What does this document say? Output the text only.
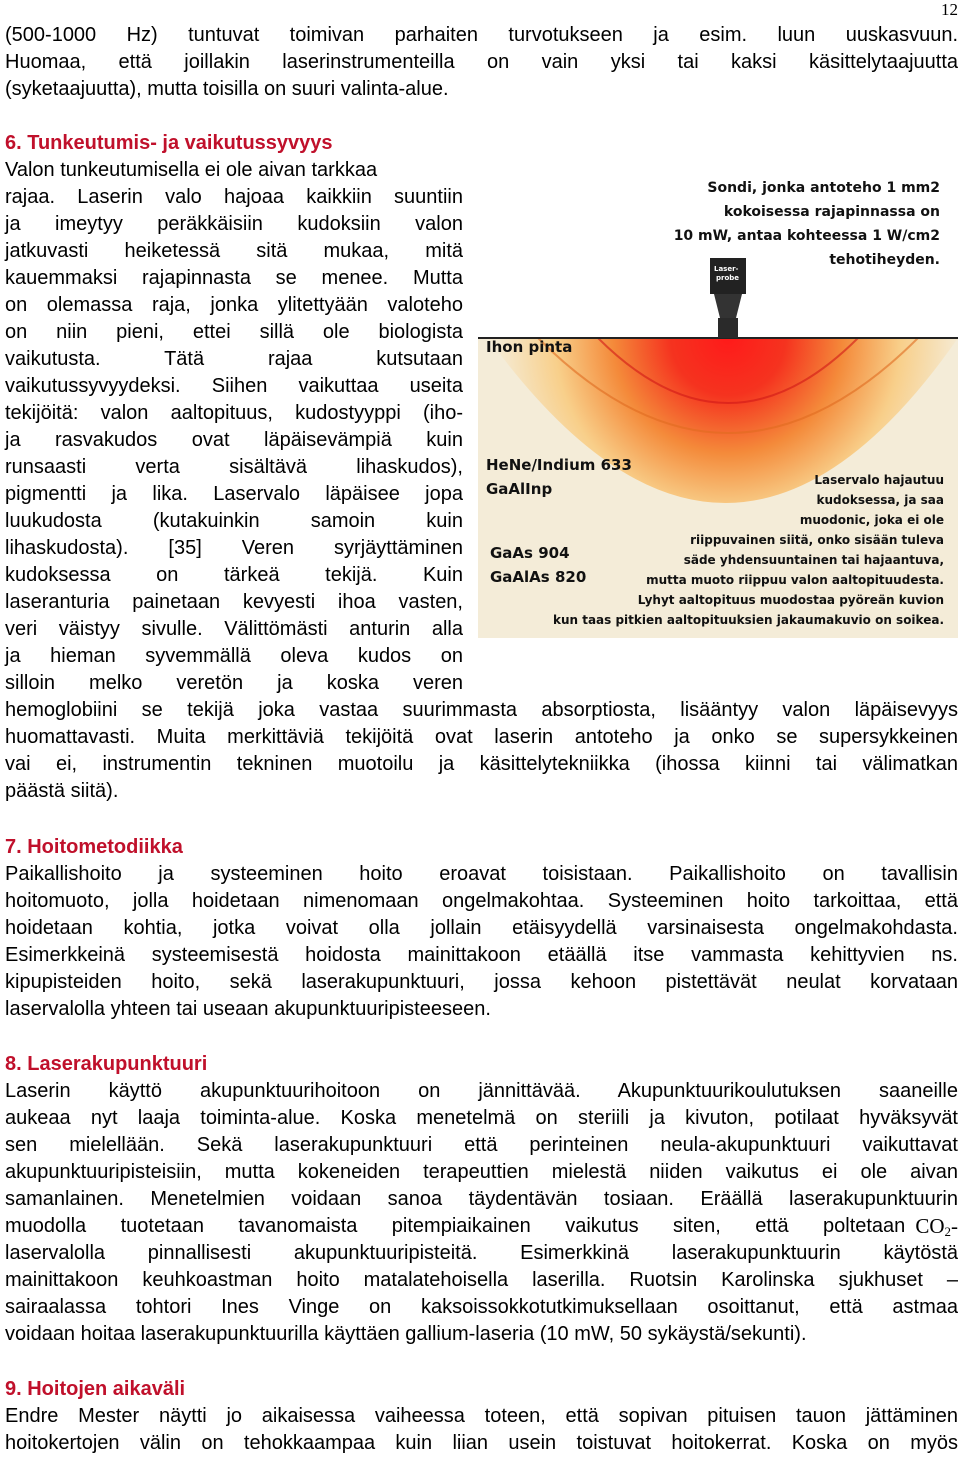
12
(500-1000 Hz) tuntuvat toimivan parhaiten turvotukseen ja esim. luun uuskasvuun.
Huomaa, että joillakin laserinstrumenteilla on vain yksi tai kaksi käsittelytaajuutta
(syketaajuutta), mutta toisilla on suuri valinta-alue.
6. Tunkeutumis- ja vaikutussyvyys
Valon tunkeutumisella ei ole aivan tarkkaa
rajaa. Laserin valo hajoaa kaikkiin suuntiin
ja imeytyy peräkkäisiin kudoksiin valon
jatkuvasti heiketessä sitä mukaa, mitä
kauemmaksi rajapinnasta se menee. Mutta
on olemassa raja, jonka ylitettyään valoteho
on niin pieni, ettei sillä ole biologista
vaikutusta. Tätä rajaa kutsutaan
vaikutussyvyydeksi. Siihen vaikuttaa useita
tekijöitä: valon aaltopituus, kudostyyppi (iho-
ja rasvakudos ovat läpäisevämpiä kuin
runsaasti verta sisältävä lihaskudos),
pigmentti ja lika. Laservalo läpäisee jopa
luukudosta (kutakuinkin samoin kuin
lihaskudosta). [35] Veren syrjäyttäminen
kudoksessa on tärkeä tekijä. Kuin
laseranturia painetaan kevyesti ihoa vasten,
veri väistyy sivulle. Välittömästi anturin alla
ja hieman syvemmällä oleva kudos on
silloin melko veretön ja koska veren
hemoglobiini se tekijä joka vastaa suurimmasta absorptiosta, lisääntyy valon läpäisevyys
huomattavasti. Muita merkittäviä tekijöitä ovat laserin antoteho ja onko se supersykkeinen
vai ei, instrumentin tekninen muotoilu ja käsittelytekniikka (ihossa kiinni tai välimatkan
päästä siitä).
Laser-
probe
Sondi, jonka antoteho 1 mm2
kokoisessa rajapinnassa on
10 mW, antaa kohteessa 1 W/cm2
tehotiheyden.
Ihon pinta
HeNe/Indium 633
GaAlInp
GaAs 904
GaAlAs 820
Laservalo hajautuu
kudoksessa, ja saa
muodonic, joka ei ole
riippuvainen siitä, onko sisään tuleva
säde yhdensuuntainen tai hajaantuva,
mutta muoto riippuu valon aaltopituudesta.
Lyhyt aaltopituus muodostaa pyöreän kuvion
kun taas pitkien aaltopituuksien jakaumakuvio on soikea.
7. Hoitometodiikka
Paikallishoito ja systeeminen hoito eroavat toisistaan. Paikallishoito on tavallisin
hoitomuoto, jolla hoidetaan nimenomaan ongelmakohtaa. Systeeminen hoito tarkoittaa, että
hoidetaan kohtia, jotka voivat olla jollain etäisyydellä varsinaisesta ongelmakohdasta.
Esimerkkeinä systeemisestä hoidosta mainittakoon etäällä itse vammasta kehittyvien ns.
kipupisteiden hoito, sekä laserakupunktuuri, jossa kehoon pistettävät neulat korvataan
laservalolla yhteen tai useaan akupunktuuripisteeseen.
8. Laserakupunktuuri
Laserin käyttö akupunktuurihoitoon on jännittävää. Akupunktuurikoulutuksen saaneille
aukeaa nyt laaja toiminta-alue. Koska menetelmä on steriili ja kivuton, potilaat hyväksyvät
sen mielellään. Sekä laserakupunktuuri että perinteinen neula-akupunktuuri vaikuttavat
akupunktuuripisteisiin, mutta kokeneiden terapeuttien mielestä niiden vaikutus ei ole aivan
samanlainen. Menetelmien voidaan sanoa täydentävän tosiaan. Eräällä laserakupunktuurin
muodolla tuotetaan tavanomaista pitempiaikainen vaikutus siten, että poltetaan $CO_2-$
laservalolla pinnallisesti akupunktuuripisteitä. Esimerkkinä laserakupunktuurin käytöstä
mainittakoon keuhkoastman hoito matalatehoisella laserilla. Ruotsin Karolinska sjukhuset –
sairaalassa tohtori Ines Vinge on kaksoissokkotutkimuksellaan osoittanut, että astmaa
voidaan hoitaa laserakupunktuurilla käyttäen gallium-laseria (10 mW, 50 sykäystä/sekunti).
9. Hoitojen aikaväli
Endre Mester näytti jo aikaisessa vaiheessa toteen, että sopivan pituisen tauon jättäminen
hoitokertojen välin on tehokkaampaa kuin liian usein toistuvat hoitokerrat. Koska on myös
